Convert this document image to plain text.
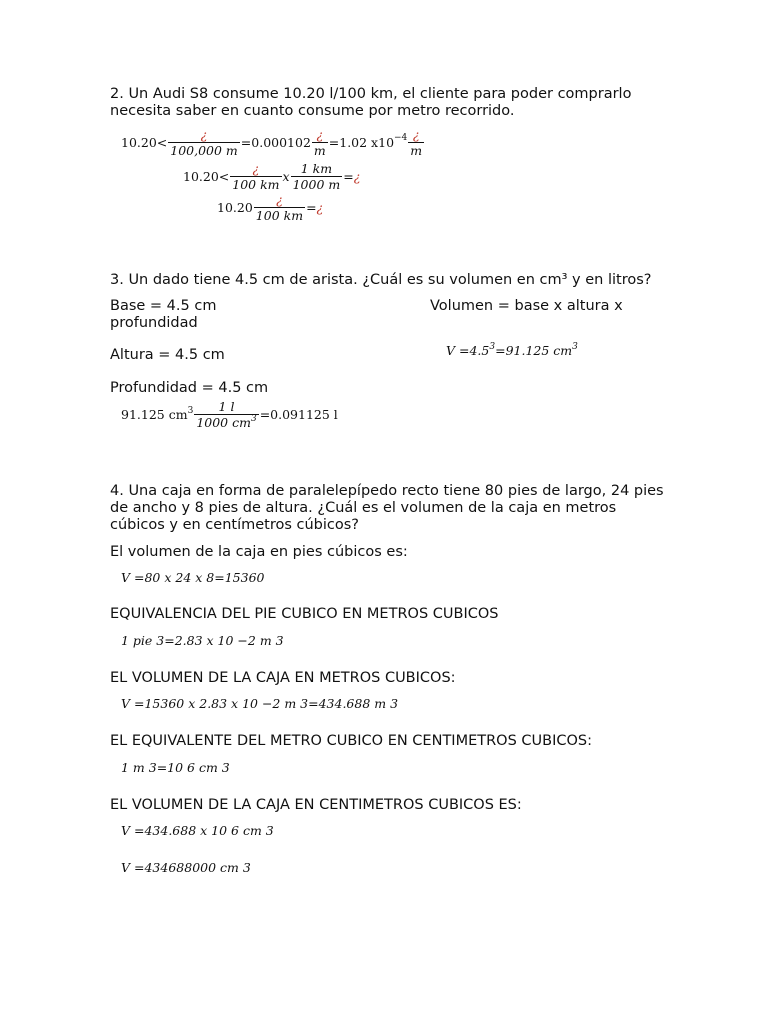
2. Un Audi S8 consume 10.20 l/100 km, el cliente para poder comprarlo
necesita saber en cuanto consume por metro recorrido.
$10.20< \frac{¿}{100,000 m} =0.000102 \frac{¿}{m} =1.02$ $x10^{-4} \frac{¿}{m}$
$10.20< \frac{¿}{100 km}$ x $\frac{1 km}{1000 m}$ =¿
$10.20 \frac{¿}{100 km}$ =¿
3. Un dado tiene 4.5 cm de arista. ¿Cuál es su volumen en cm³ y en litros?
Base = 4.5 cm	Volumen = base x altura x
profundidad
Altura = 4.5 cm	$V =4.5^3=91.125$ $cm^3$
Profundidad = 4.5 cm
91.125 $cm^3 \frac{1 l}{1000 cm^3} =0.091125$ l
4. Una caja en forma de paralelepípedo recto tiene 80 pies de largo, 24 pies
de ancho y 8 pies de altura. ¿Cuál es el volumen de la caja en metros
cúbicos y en centímetros cúbicos?
El volumen de la caja en pies cúbicos es:
V =80 x 24 x 8=15360
EQUIVALENCIA DEL PIE CUBICO EN METROS CUBICOS
1 pie 3=2.83 x 10 −2 m 3
EL VOLUMEN DE LA CAJA EN METROS CUBICOS:
V =15360 x 2.83 x 10 −2 m 3=434.688 m 3
EL EQUIVALENTE DEL METRO CUBICO EN CENTIMETROS CUBICOS:
1 m 3=10 6 cm 3
EL VOLUMEN DE LA CAJA EN CENTIMETROS CUBICOS ES:
V =434.688 x 10 6 cm 3
V =434688000 cm 3
